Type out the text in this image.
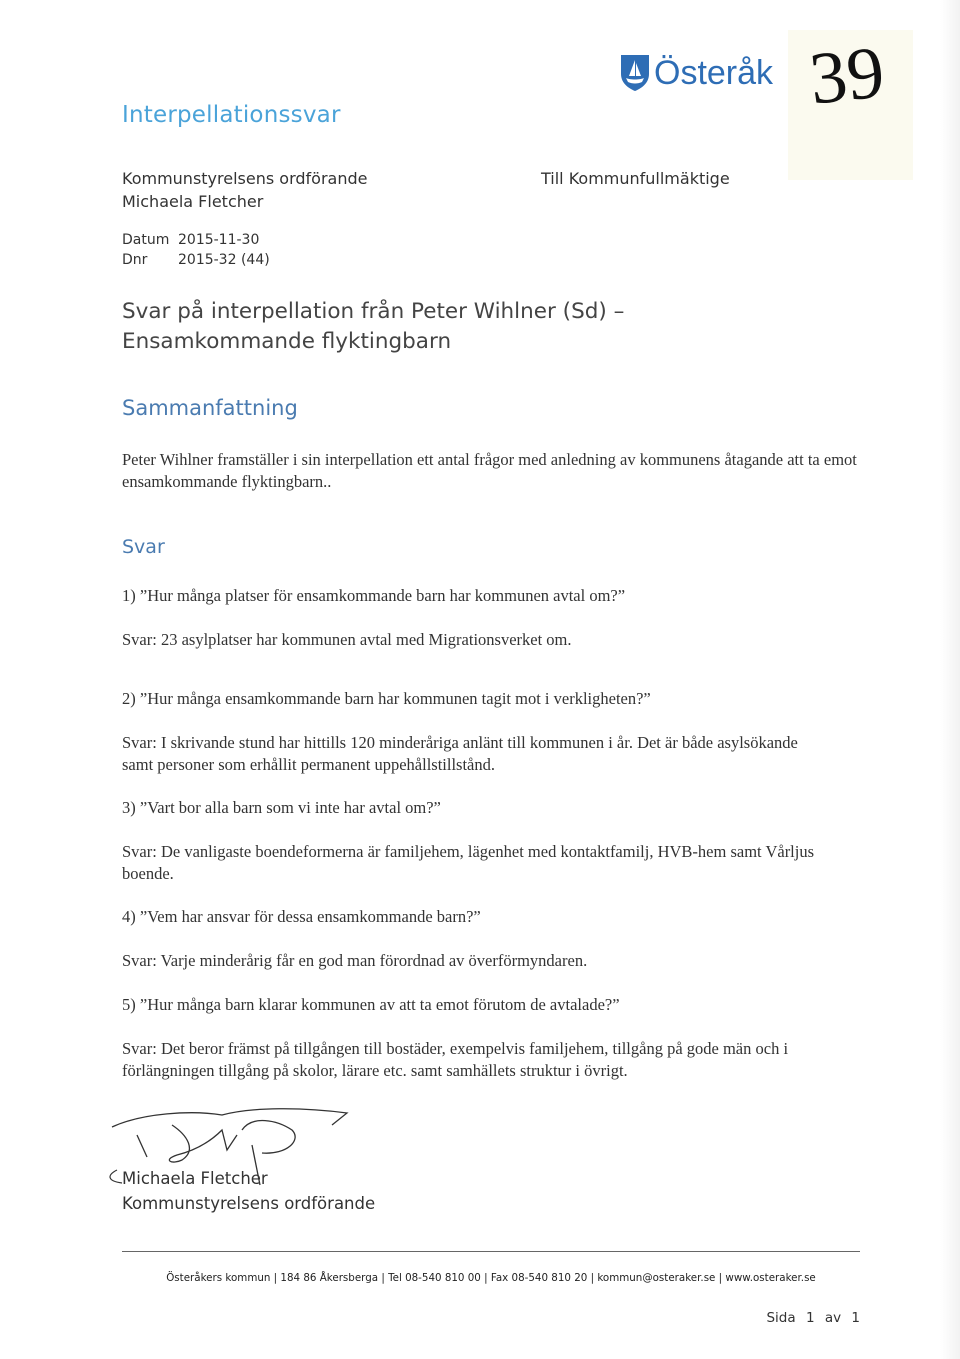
Interpellationssvar
Österåk 39
Kommunstyrelsens ordförande
Michaela Fletcher
Till Kommunfullmäktige
Datum 2015-11-30
Dnr 2015-32 (44)
Svar på interpellation från Peter Wihlner (Sd) – Ensamkommande flyktingbarn
Sammanfattning
Peter Wihlner framställer i sin interpellation ett antal frågor med anledning av kommunens åtagande att ta emot ensamkommande flyktingbarn..
Svar
1) ”Hur många platser för ensamkommande barn har kommunen avtal om?”
Svar: 23 asylplatser har kommunen avtal med Migrationsverket om.
2) ”Hur många ensamkommande barn har kommunen tagit mot i verkligheten?”
Svar: I skrivande stund har hittills 120 minderåriga anlänt till kommunen i år. Det är både asylsökande samt personer som erhållit permanent uppehållstillstånd.
3) ”Vart bor alla barn som vi inte har avtal om?”
Svar: De vanligaste boendeformerna är familjehem, lägenhet med kontaktfamilj, HVB-hem samt Vårljus boende.
4) ”Vem har ansvar för dessa ensamkommande barn?”
Svar: Varje minderårig får en god man förordnad av överförmyndaren.
5) ”Hur många barn klarar kommunen av att ta emot förutom de avtalade?”
Svar: Det beror främst på tillgången till bostäder, exempelvis familjehem, tillgång på gode män och i förlängningen tillgång på skolor, lärare etc. samt samhällets struktur i övrigt.
Michaela Fletcher
Kommunstyrelsens ordförande
Österåkers kommun | 184 86 Åkersberga | Tel 08-540 810 00 | Fax 08-540 810 20 | kommun@osteraker.se | www.osteraker.se
Sida 1 av 1
